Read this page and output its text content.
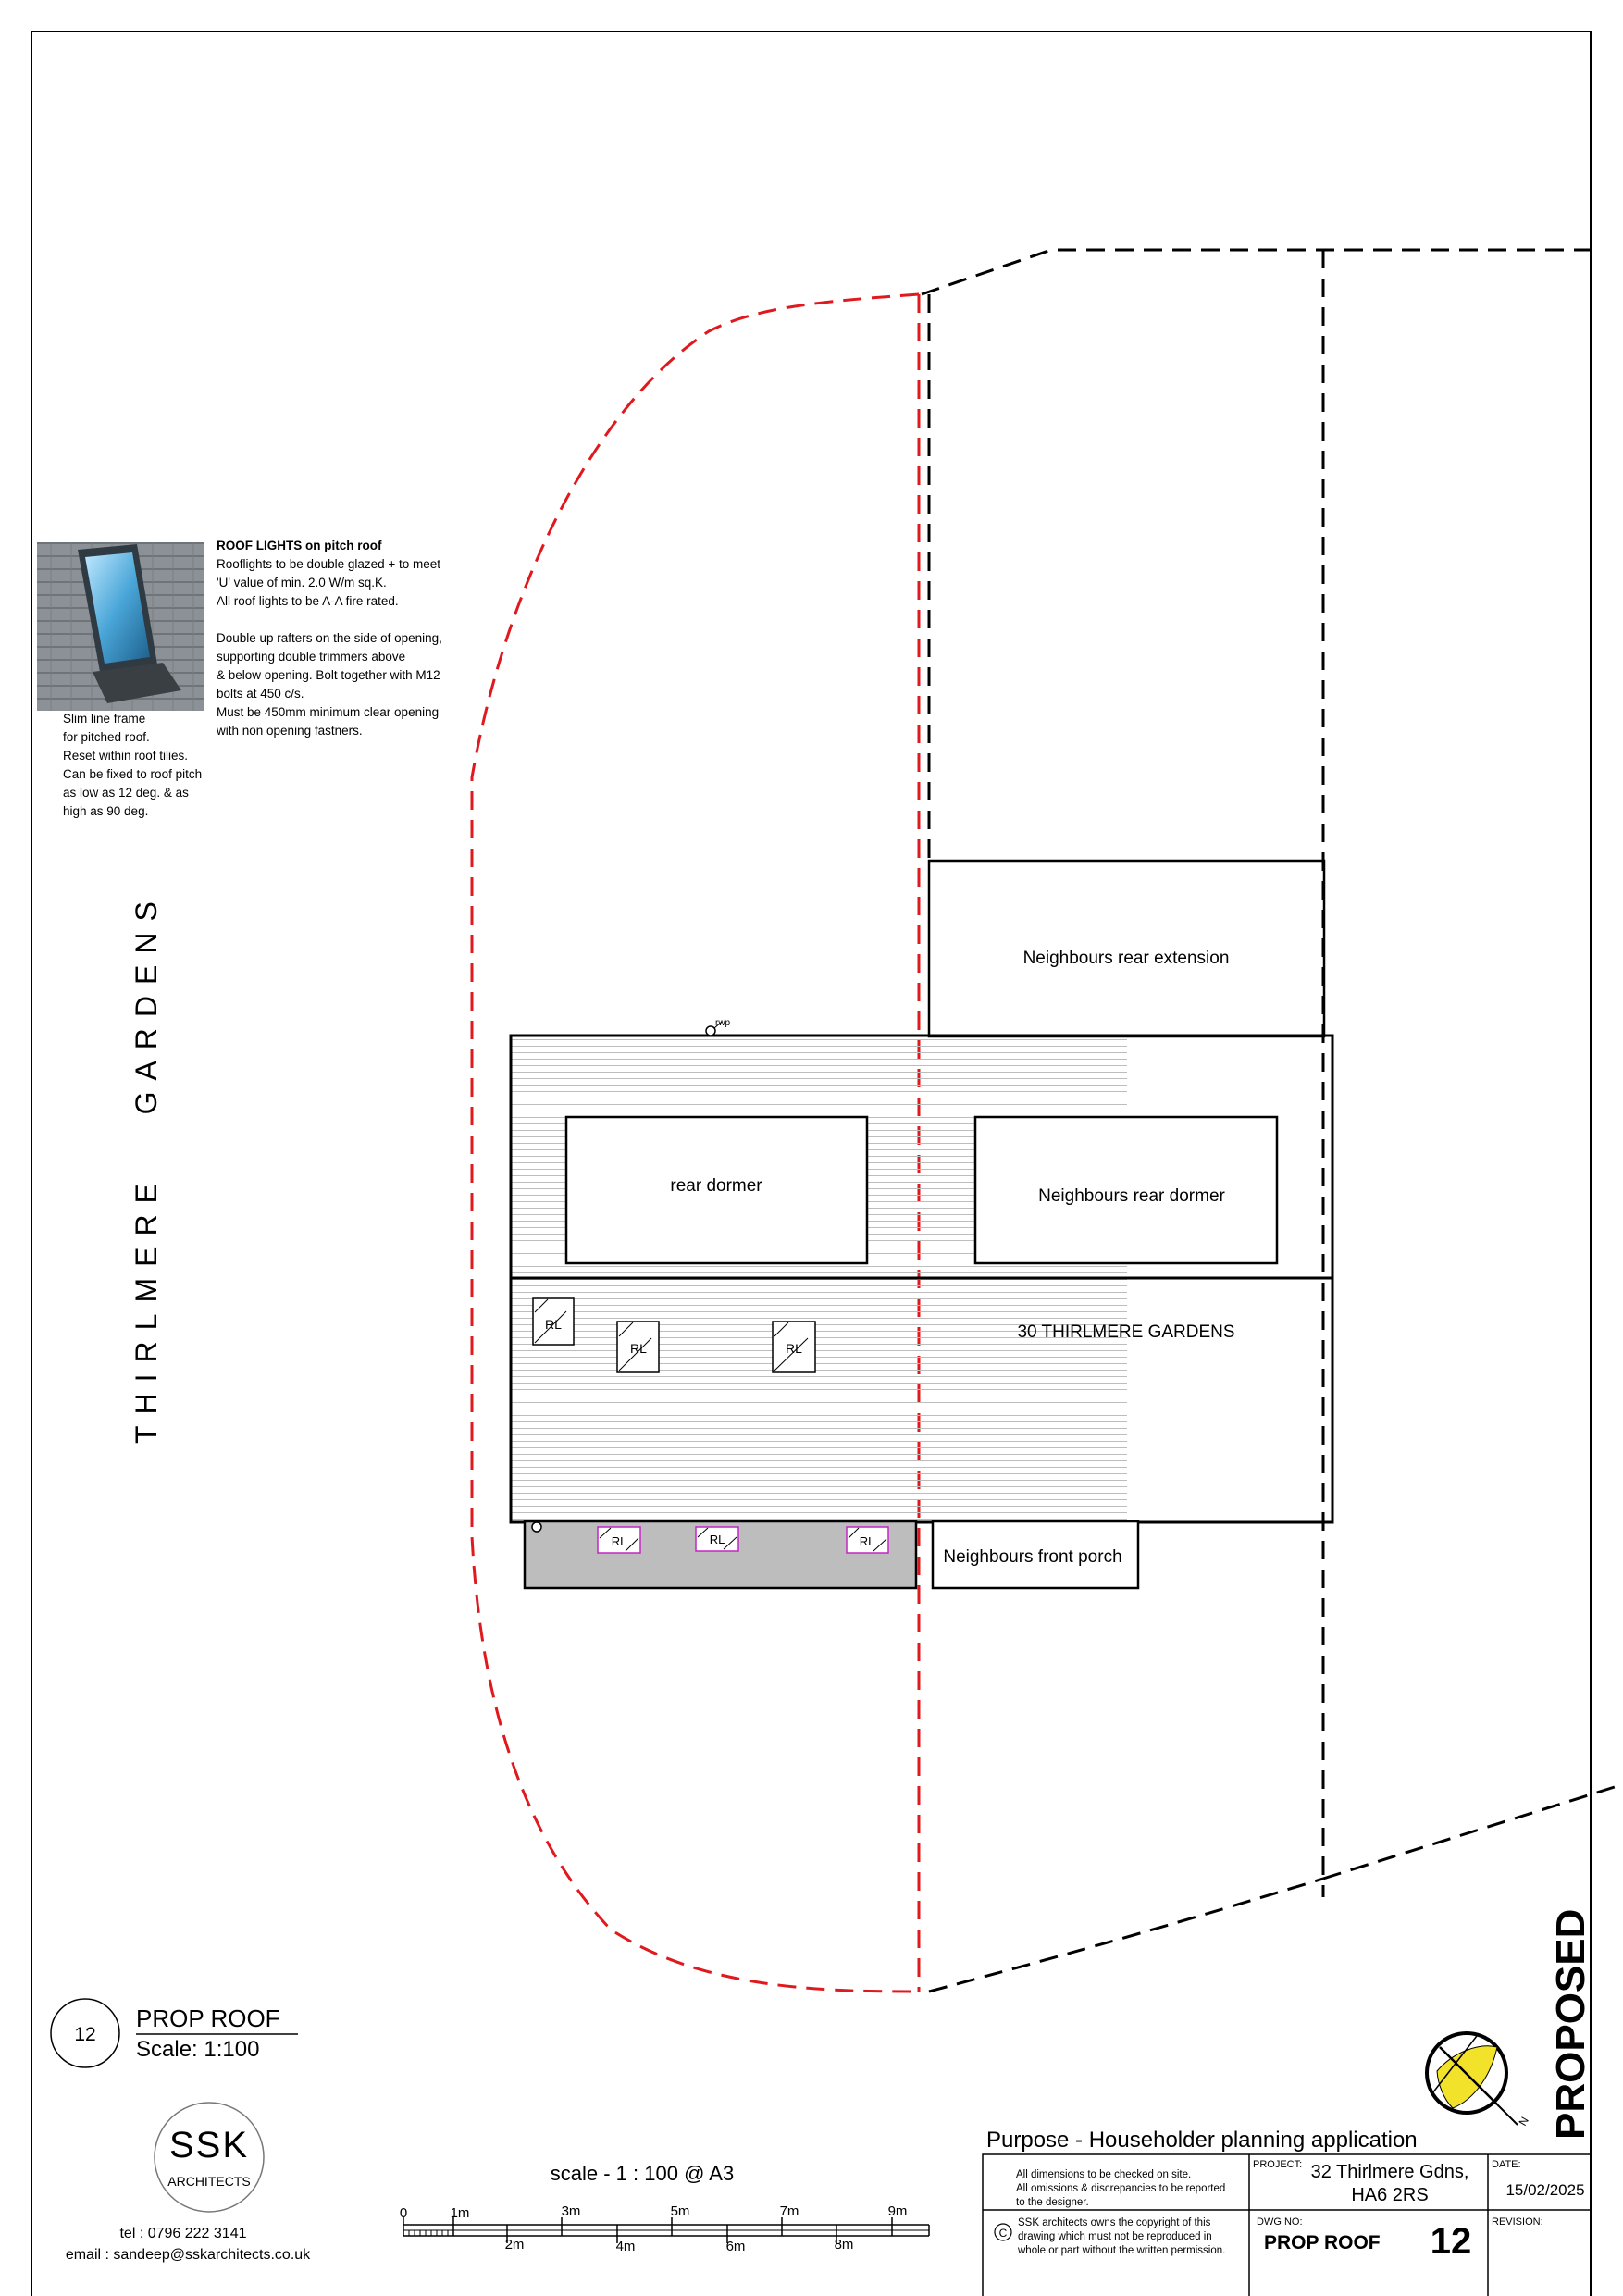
rwp
rear dormer
Neighbours rear extension
Neighbours rear dormer
30 THIRLMERE GARDENS
Neighbours front porch
RL
RL	RL
RL	RL	RL
12
PROP ROOF
Scale: 1:100
N PROPOSED
SSK
ARCHITECTS
tel : 0796 222 3141
email : sandeep@sskarchitects.co.uk
scale - 1 : 100 @ A3
0	1m	3m	5m	7m	9m
2m	4m	6m	8m
Purpose - Householder planning application
All dimensions to be checked on site.
All omissions & discrepancies to be reported
to the designer.
C
SSK architects owns the copyright of this
drawing which must not be reproduced in
whole or part without the written permission.
PROJECT: 32 Thirlmere Gdns,
HA6 2RS
DATE:
15/02/2025
DWG NO:
PROP ROOF 12 REVISION:
ROOF LIGHTS on pitch roof
Rooflights to be double glazed + to meet
'U' value of min. 2.0 W/m sq.K.
All roof lights to be A-A fire rated.
Double up rafters on the side of opening,
supporting double trimmers above
& below opening. Bolt together with M12
bolts at 450 c/s.
Must be 450mm minimum clear opening
with non opening fastners.
Slim line frame
for pitched roof.
Reset within roof tilies.
Can be fixed to roof pitch
as low as 12 deg. & as
high as 90 deg.
THIRLMERE   GARDENS
